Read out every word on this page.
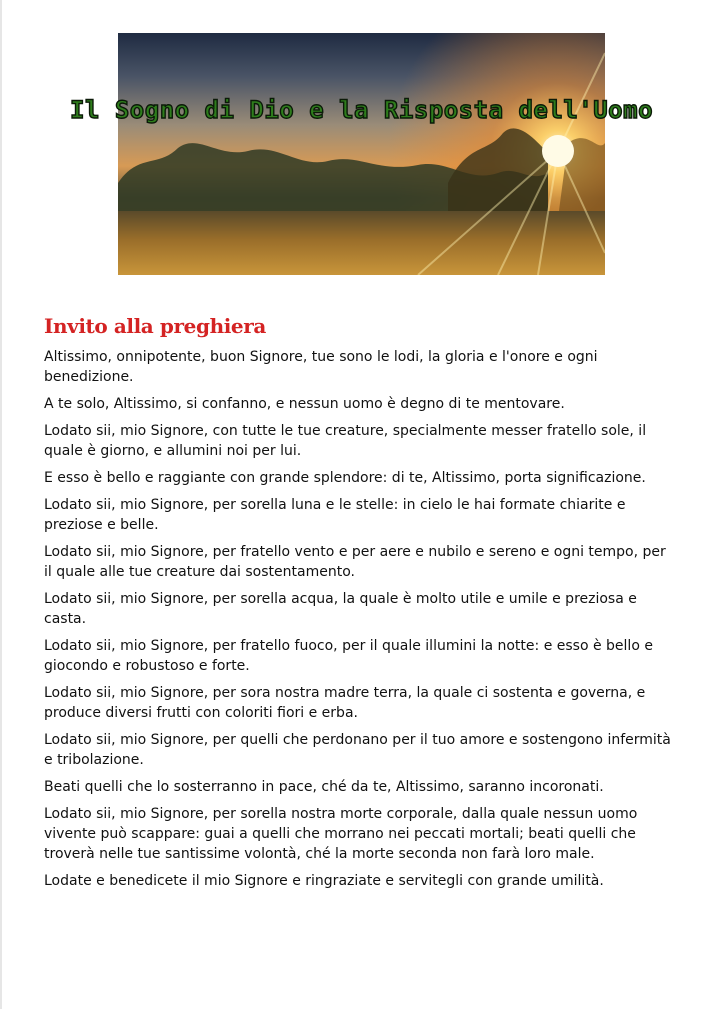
Il Sogno di Dio e la Risposta dell'Uomo
Invito alla preghiera

Altissimo, onnipotente, buon Signore, tue sono le lodi, la gloria e l'onore e ogni benedizione.

A te solo, Altissimo, si confanno, e nessun uomo è degno di te mentovare.

Lodato sii, mio Signore, con tutte le tue creature, specialmente messer fratello sole, il quale è giorno, e allumini noi per lui.

E esso è bello e raggiante con grande splendore: di te, Altissimo, porta significazione.

Lodato sii, mio Signore, per sorella luna e le stelle: in cielo le hai formate chiarite e preziose e belle.

Lodato sii, mio Signore, per fratello vento e per aere e nubilo e sereno e ogni tempo, per il quale alle tue creature dai sostentamento.

Lodato sii, mio Signore, per sorella acqua, la quale è molto utile e umile e preziosa e casta.

Lodato sii, mio Signore, per fratello fuoco, per il quale illumini la notte: e esso è bello e giocondo e robustoso e forte.

Lodato sii, mio Signore, per sora nostra madre terra, la quale ci sostenta e governa, e produce diversi frutti con coloriti fiori e erba.

Lodato sii, mio Signore, per quelli che perdonano per il tuo amore e sostengono infermità e tribolazione.

Beati quelli che lo sosterranno in pace, ché da te, Altissimo, saranno incoronati.

Lodato sii, mio Signore, per sorella nostra morte corporale, dalla quale nessun uomo vivente può scappare: guai a quelli che morrano nei peccati mortali; beati quelli che troverà nelle tue santissime volontà, ché la morte seconda non farà loro male.

Lodate e benedicete il mio Signore e ringraziate e servitegli con grande umilità.
